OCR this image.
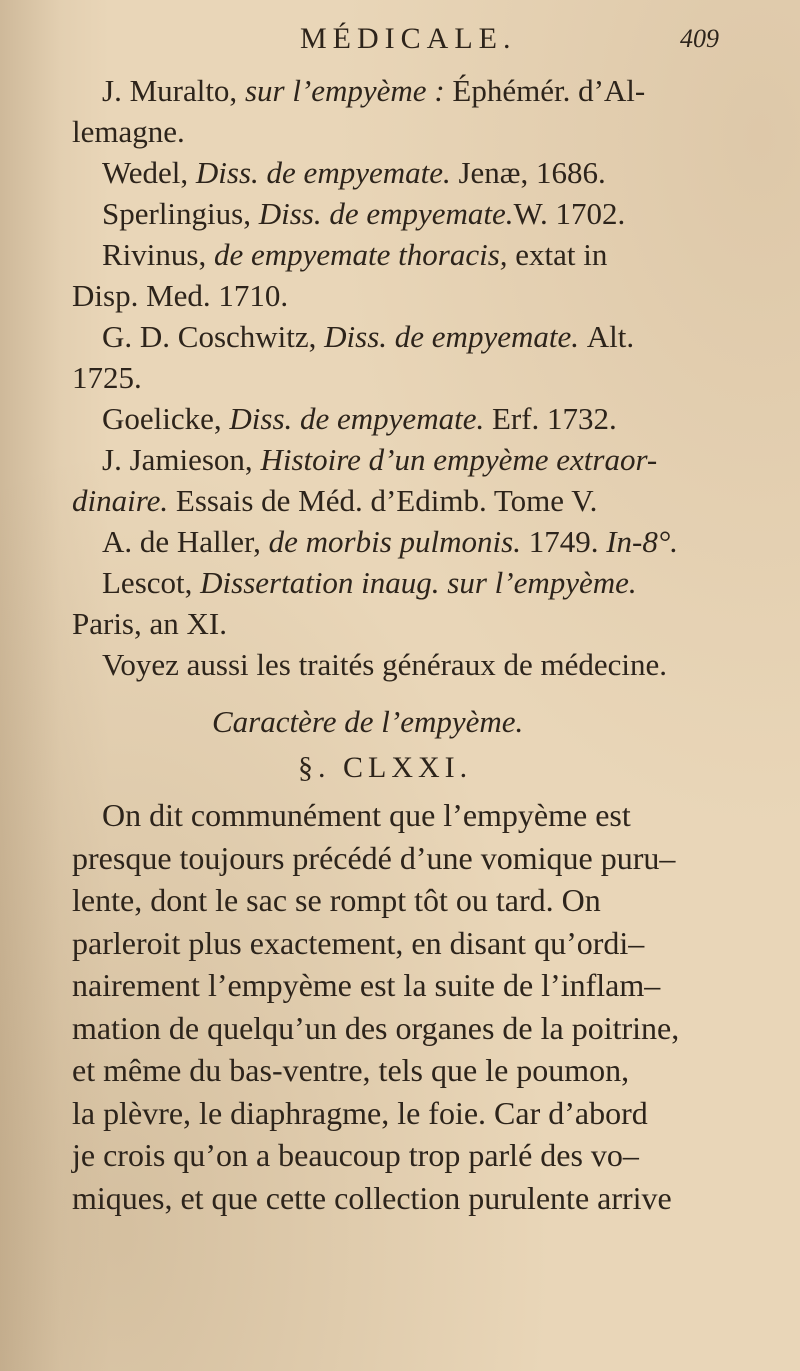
MÉDICALE.	409
J. Muralto, sur l’empyème : Éphémér. d’Al-
lemagne.
Wedel, Diss. de empyemate. Jenæ, 1686.
Sperlingius, Diss. de empyemate.W. 1702.
Rivinus, de empyemate thoracis, extat in
Disp. Med. 1710.
G. D. Coschwitz, Diss. de empyemate. Alt.
1725.
Goelicke, Diss. de empyemate. Erf. 1732.
J. Jamieson, Histoire d’un empyème extraor-
dinaire. Essais de Méd. d’Edimb. Tome V.
A. de Haller, de morbis pulmonis. 1749. In-8°.
Lescot, Dissertation inaug. sur l’empyème.
Paris, an XI.
Voyez aussi les traités généraux de médecine.
Caractère de l’empyème.
§. CLXXI.
On dit communément que l’empyème est
presque toujours précédé d’une vomique puru–
lente, dont le sac se rompt tôt ou tard. On
parleroit plus exactement, en disant qu’ordi–
nairement l’empyème est la suite de l’inflam–
mation de quelqu’un des organes de la poitrine,
et même du bas-ventre, tels que le poumon,
la plèvre, le diaphragme, le foie. Car d’abord
je crois qu’on a beaucoup trop parlé des vo–
miques, et que cette collection purulente arrive
